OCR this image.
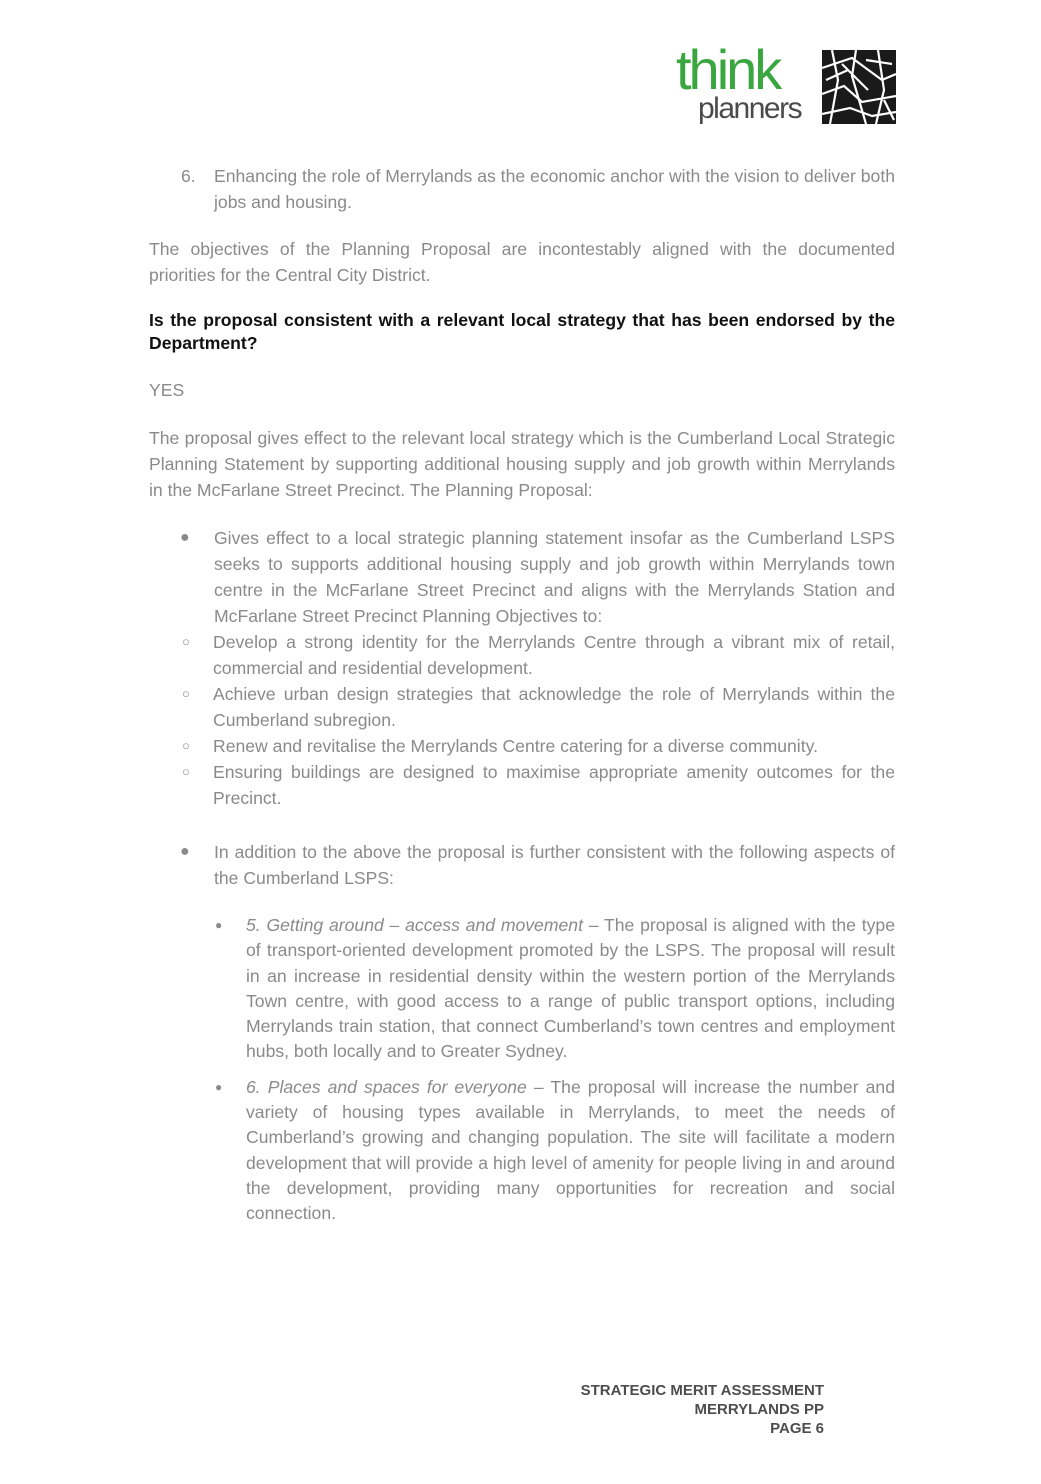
think
planners

6. Enhancing the role of Merrylands as the economic anchor with the vision to deliver both jobs and housing.

The objectives of the Planning Proposal are incontestably aligned with the documented priorities for the Central City District.

Is the proposal consistent with a relevant local strategy that has been endorsed by the Department?

YES

The proposal gives effect to the relevant local strategy which is the Cumberland Local Strategic Planning Statement by supporting additional housing supply and job growth within Merrylands in the McFarlane Street Precinct. The Planning Proposal:

● Gives effect to a local strategic planning statement insofar as the Cumberland LSPS seeks to supports additional housing supply and job growth within Merrylands town centre in the McFarlane Street Precinct and aligns with the Merrylands Station and McFarlane Street Precinct Planning Objectives to:

○ Develop a strong identity for the Merrylands Centre through a vibrant mix of retail, commercial and residential development.
○ Achieve urban design strategies that acknowledge the role of Merrylands within the Cumberland subregion.
○ Renew and revitalise the Merrylands Centre catering for a diverse community.
○ Ensuring buildings are designed to maximise appropriate amenity outcomes for the Precinct.
● In addition to the above the proposal is further consistent with the following aspects of the Cumberland LSPS:

● 5. Getting around – access and movement – The proposal is aligned with the type of transport-oriented development promoted by the LSPS. The proposal will result in an increase in residential density within the western portion of the Merrylands Town centre, with good access to a range of public transport options, including Merrylands train station, that connect Cumberland’s town centres and employment hubs, both locally and to Greater Sydney.

● 6. Places and spaces for everyone – The proposal will increase the number and variety of housing types available in Merrylands, to meet the needs of Cumberland’s growing and changing population. The site will facilitate a modern development that will provide a high level of amenity for people living in and around the development, providing many opportunities for recreation and social connection.

STRATEGIC MERIT ASSESSMENT
MERRYLANDS PP
PAGE 6
